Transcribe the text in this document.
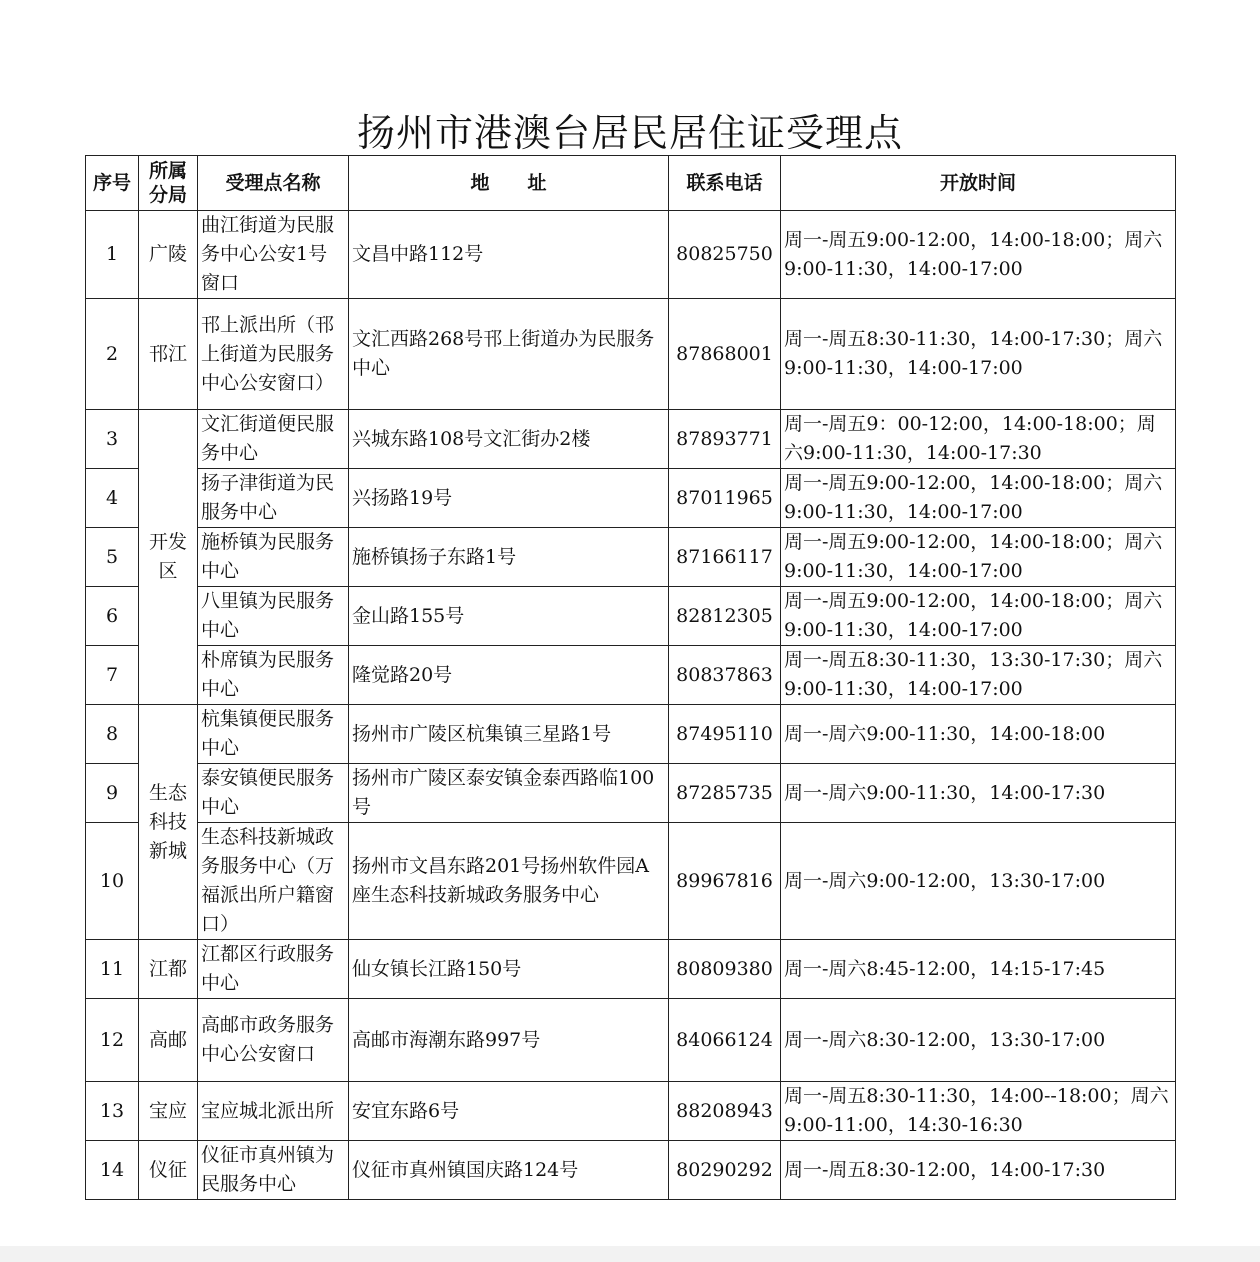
扬州市港澳台居民居住证受理点
序号	所属分局	受理点名称	地　　址	联系电话	开放时间
1	广陵	曲江街道为民服务中心公安1号窗口	文昌中路112号	80825750	周一-周五9:00-12:00，14:00-18:00；周六9:00-11:30，14:00-17:00
2	邗江	邗上派出所（邗上街道为民服务中心公安窗口）	文汇西路268号邗上街道办为民服务中心	87868001	周一-周五8:30-11:30，14:00-17:30；周六9:00-11:30，14:00-17:00
3	开发区	文汇街道便民服务中心	兴城东路108号文汇街办2楼	87893771	周一-周五9：00-12:00，14:00-18:00；周六9:00-11:30，14:00-17:30
4		扬子津街道为民服务中心	兴扬路19号	87011965	周一-周五9:00-12:00，14:00-18:00；周六9:00-11:30，14:00-17:00
5		施桥镇为民服务中心	施桥镇扬子东路1号	87166117	周一-周五9:00-12:00，14:00-18:00；周六9:00-11:30，14:00-17:00
6		八里镇为民服务中心	金山路155号	82812305	周一-周五9:00-12:00，14:00-18:00；周六9:00-11:30，14:00-17:00
7		朴席镇为民服务中心	隆觉路20号	80837863	周一-周五8:30-11:30，13:30-17:30；周六9:00-11:30，14:00-17:00
8	生态科技新城	杭集镇便民服务中心	扬州市广陵区杭集镇三星路1号	87495110	周一-周六9:00-11:30，14:00-18:00
9		泰安镇便民服务中心	扬州市广陵区泰安镇金泰西路临100号	87285735	周一-周六9:00-11:30，14:00-17:30
10		生态科技新城政务服务中心（万福派出所户籍窗口）	扬州市文昌东路201号扬州软件园A座生态科技新城政务服务中心	89967816	周一-周六9:00-12:00，13:30-17:00
11	江都	江都区行政服务中心	仙女镇长江路150号	80809380	周一-周六8:45-12:00，14:15-17:45
12	高邮	高邮市政务服务中心公安窗口	高邮市海潮东路997号	84066124	周一-周六8:30-12:00，13:30-17:00
13	宝应	宝应城北派出所	安宜东路6号	88208943	周一-周五8:30-11:30，14:00--18:00；周六9:00-11:00，14:30-16:30
14	仪征	仪征市真州镇为民服务中心	仪征市真州镇国庆路124号	80290292	周一-周五8:30-12:00，14:00-17:30
